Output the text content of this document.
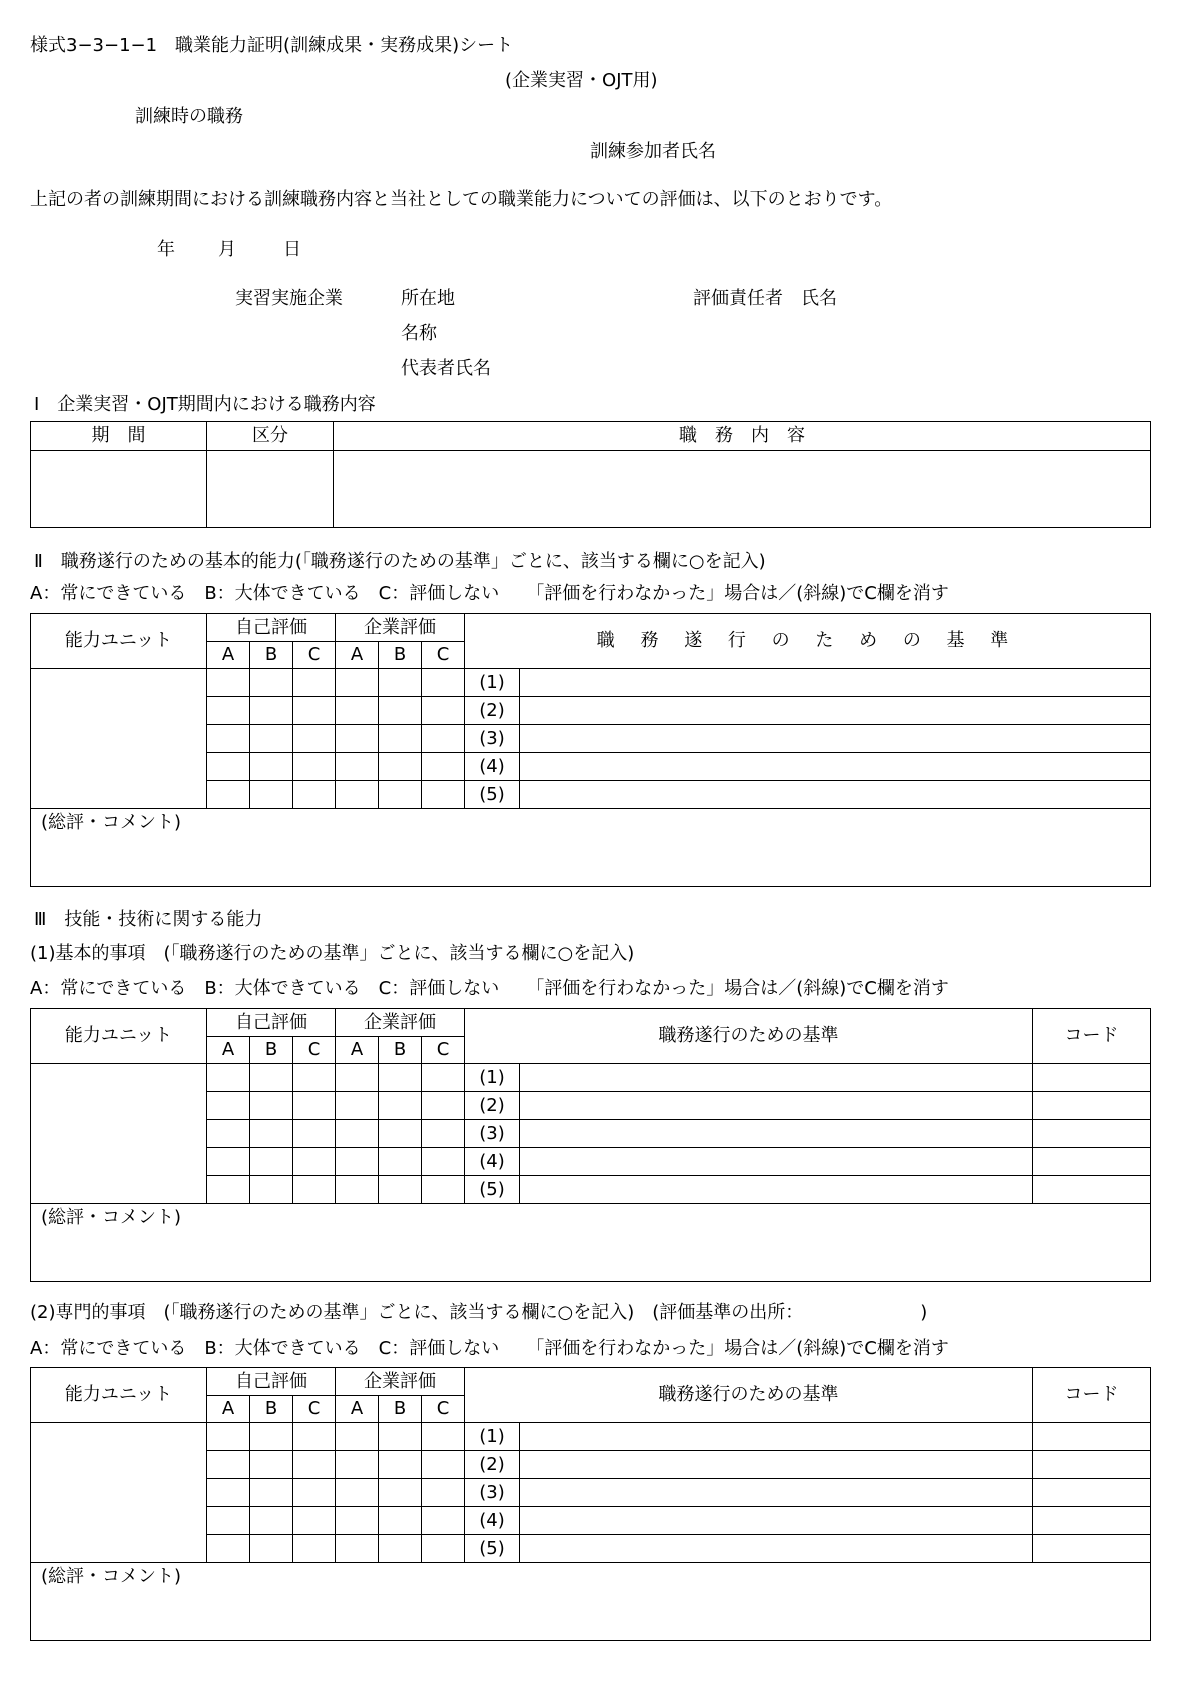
様式3−3−1−1　職業能力証明(訓練成果・実務成果)シート
(企業実習・OJT用)
訓練時の職務
訓練参加者氏名
上記の者の訓練期間における訓練職務内容と当社としての職業能力についての評価は、以下のとおりです。
年 月	日
実習実施企業	所在地	評価責任者　氏名
名称
代表者氏名
Ⅰ　企業実習・OJT期間内における職務内容
期　間	区分	職　務　内　容

Ⅱ　職務遂行のための基本的能力(「職務遂行のための基準」ごとに、該当する欄に○を記入)
A：常にできている　B：大体できている　C：評価しない　　「評価を行わなかった」場合は／(斜線)でC欄を消す
能力ユニット	自己評価			企業評価			職 務 遂 行 の た め の 基 準	
	A	B	C	A	B	C		
							(1)	
							(2)	
							(3)	
							(4)	
							(5)	
(総評・コメント)								
Ⅲ　技能・技術に関する能力
(1)基本的事項　(「職務遂行のための基準」ごとに、該当する欄に○を記入)
A：常にできている　B：大体できている　C：評価しない　　「評価を行わなかった」場合は／(斜線)でC欄を消す
能力ユニット	自己評価			企業評価			職務遂行のための基準		コード
	A	B	C	A	B	C			
							(1)		
							(2)		
							(3)		
							(4)		
							(5)		
(総評・コメント)									
(2)専門的事項　(「職務遂行のための基準」ごとに、該当する欄に○を記入)　(評価基準の出所：　　　　　　　)
A：常にできている　B：大体できている　C：評価しない　　「評価を行わなかった」場合は／(斜線)でC欄を消す
能力ユニット	自己評価			企業評価			職務遂行のための基準		コード
	A	B	C	A	B	C			
							(1)		
							(2)		
							(3)		
							(4)		
							(5)		
(総評・コメント)									
